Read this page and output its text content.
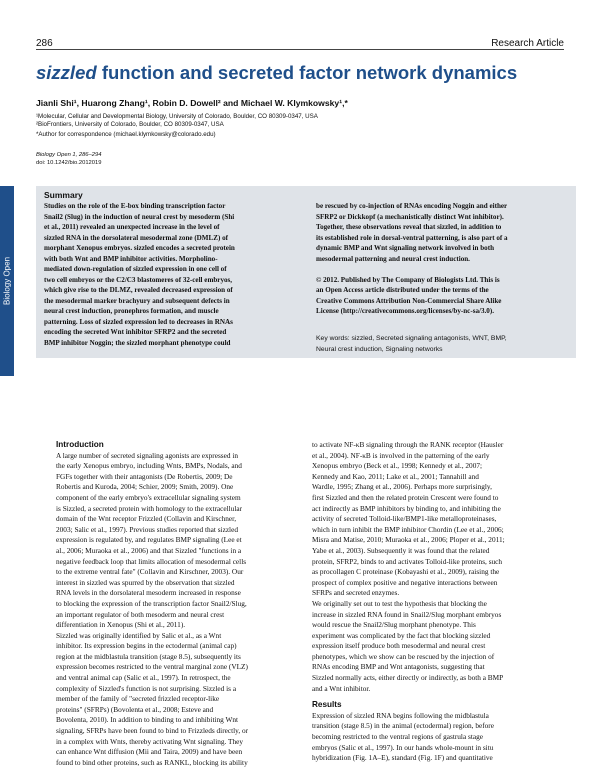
286	Research Article
sizzled function and secreted factor network dynamics
Jianli Shi¹, Huarong Zhang¹, Robin D. Dowell² and Michael W. Klymkowsky¹,*
¹Molecular, Cellular and Developmental Biology, University of Colorado, Boulder, CO 80309-0347, USA
²BioFrontiers, University of Colorado, Boulder, CO 80309-0347, USA
*Author for correspondence (michael.klymkowsky@colorado.edu)
Biology Open 1, 286–294
doi: 10.1242/bio.2012019
Summary
Studies on the role of the E-box binding transcription factor
Snail2 (Slug) in the induction of neural crest by mesoderm (Shi
et al., 2011) revealed an unexpected increase in the level of
sizzled RNA in the dorsolateral mesodermal zone (DMLZ) of
morphant Xenopus embryos. sizzled encodes a secreted protein
with both Wnt and BMP inhibitor activities. Morpholino-
mediated down-regulation of sizzled expression in one cell of
two cell embryos or the C2/C3 blastomeres of 32-cell embryos,
which give rise to the DLMZ, revealed decreased expression of
the mesodermal marker brachyury and subsequent defects in
neural crest induction, pronephros formation, and muscle
patterning. Loss of sizzled expression led to decreases in RNAs
encoding the secreted Wnt inhibitor SFRP2 and the secreted
BMP inhibitor Noggin; the sizzled morphant phenotype could
be rescued by co-injection of RNAs encoding Noggin and either
SFRP2 or Dickkopf (a mechanistically distinct Wnt inhibitor).
Together, these observations reveal that sizzled, in addition to
its established role in dorsal-ventral patterning, is also part of a
dynamic BMP and Wnt signaling network involved in both
mesodermal patterning and neural crest induction.

© 2012. Published by The Company of Biologists Ltd. This is
an Open Access article distributed under the terms of the
Creative Commons Attribution Non-Commercial Share Alike
License (http://creativecommons.org/licenses/by-nc-sa/3.0).
Key words: sizzled, Secreted signaling antagonists, WNT, BMP,
Neural crest induction, Signaling networks
Biology Open
Introduction
A large number of secreted signaling agonists are expressed in
the early Xenopus embryo, including Wnts, BMPs, Nodals, and
FGFs together with their antagonists (De Robertis, 2009; De
Robertis and Kuroda, 2004; Schier, 2009; Smith, 2009). One
component of the early embryo's extracellular signaling system
is Sizzled, a secreted protein with homology to the extracellular
domain of the Wnt receptor Frizzled (Collavin and Kirschner,
2003; Salic et al., 1997). Previous studies reported that sizzled
expression is regulated by, and regulates BMP signaling (Lee et
al., 2006; Muraoka et al., 2006) and that Sizzled "functions in a
negative feedback loop that limits allocation of mesodermal cells
to the extreme ventral fate" (Collavin and Kirschner, 2003). Our
interest in sizzled was spurred by the observation that sizzled
RNA levels in the dorsolateral mesoderm increased in response
to blocking the expression of the transcription factor Snail2/Slug,
an important regulator of both mesoderm and neural crest
differentiation in Xenopus (Shi et al., 2011).
Sizzled was originally identified by Salic et al., as a Wnt
inhibitor. Its expression begins in the ectodermal (animal cap)
region at the midblastula transition (stage 8.5), subsequently its
expression becomes restricted to the ventral marginal zone (VLZ)
and ventral animal cap (Salic et al., 1997). In retrospect, the
complexity of Sizzled's function is not surprising. Sizzled is a
member of the family of "secreted frizzled receptor-like
proteins" (SFRPs) (Bovolenta et al., 2008; Esteve and
Bovolenta, 2010). In addition to binding to and inhibiting Wnt
signaling, SFRPs have been found to bind to Frizzleds directly, or
in a complex with Wnts, thereby activating Wnt signaling. They
can enhance Wnt diffusion (Mii and Taira, 2009) and have been
found to bind other proteins, such as RANKL, blocking its ability
to activate NF-κB signaling through the RANK receptor (Hausler
et al., 2004). NF-κB is involved in the patterning of the early
Xenopus embryo (Beck et al., 1998; Kennedy et al., 2007;
Kennedy and Kao, 2011; Lake et al., 2001; Tannahill and
Wardle, 1995; Zhang et al., 2006). Perhaps more surprisingly,
first Sizzled and then the related protein Crescent were found to
act indirectly as BMP inhibitors by binding to, and inhibiting the
activity of secreted Tolloid-like/BMP1-like metalloproteinases,
which in turn inhibit the BMP inhibitor Chordin (Lee et al., 2006;
Misra and Matise, 2010; Muraoka et al., 2006; Ploper et al., 2011;
Yabe et al., 2003). Subsequently it was found that the related
protein, SFRP2, binds to and activates Tolloid-like proteins, such
as procollagen C proteinase (Kobayashi et al., 2009), raising the
prospect of complex positive and negative interactions between
SFRPs and secreted enzymes.
We originally set out to test the hypothesis that blocking the
increase in sizzled RNA found in Snail2/Slug morphant embryos
would rescue the Snail2/Slug morphant phenotype. This
experiment was complicated by the fact that blocking sizzled
expression itself produce both mesodermal and neural crest
phenotypes, which we show can be rescued by the injection of
RNAs encoding BMP and Wnt antagonists, suggesting that
Sizzled normally acts, either directly or indirectly, as both a BMP
and a Wnt inhibitor.
Results
Expression of sizzled RNA begins following the midblastula
transition (stage 8.5) in the animal (ectodermal) region, before
becoming restricted to the ventral regions of gastrula stage
embryos (Salic et al., 1997). In our hands whole-mount in situ
hybridization (Fig. 1A–E), standard (Fig. 1F) and quantitative
